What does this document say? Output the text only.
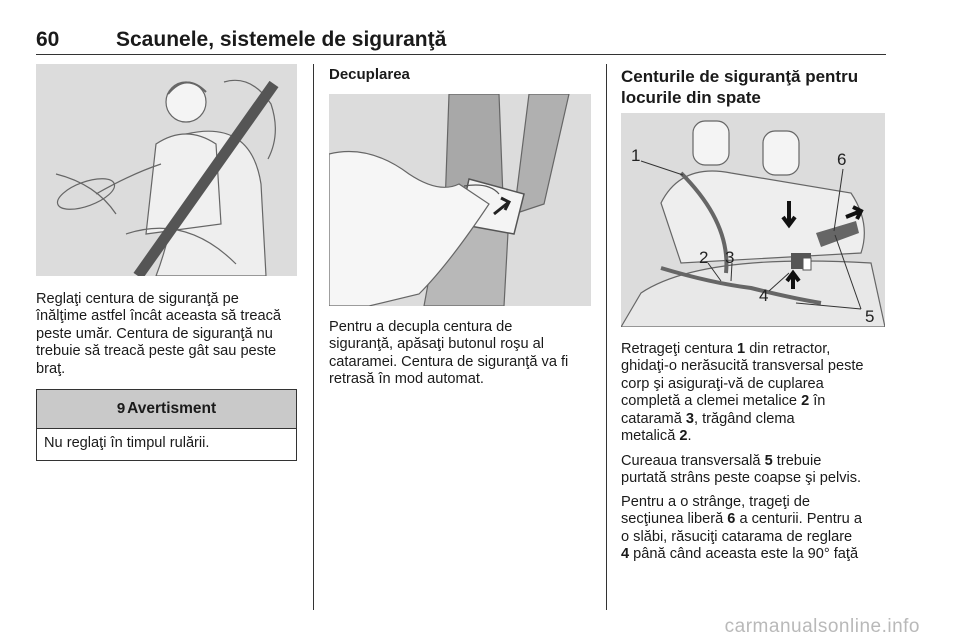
60	Scaunele, sistemele de siguranţă

Reglaţi centura de siguranţă pe
înălţime astfel încât aceasta să treacă
peste umăr. Centura de siguranţă nu
trebuie să treacă peste gât sau peste
braţ.

9 Avertisment
Nu reglaţi în timpul rulării.

Decuplarea

Pentru a decupla centura de
siguranţă, apăsaţi butonul roşu al
cataramei. Centura de siguranţă va fi
retrasă în mod automat.

Centurile de siguranţă pentru
locurile din spate

1
2 3
4
5
6

Retrageţi centura 1 din retractor,
ghidaţi-o nerăsucită transversal peste
corp şi asiguraţi-vă de cuplarea
completă a clemei metalice 2 în
cataramă 3, trăgând clema
metalică 2.

Cureaua transversală 5 trebuie
purtată strâns peste coapse şi pelvis.

Pentru a o strânge, trageţi de
secţiunea liberă 6 a centurii. Pentru a
o slăbi, răsuciţi catarama de reglare
4 până când aceasta este la 90° faţă

carmanualsonline.info
